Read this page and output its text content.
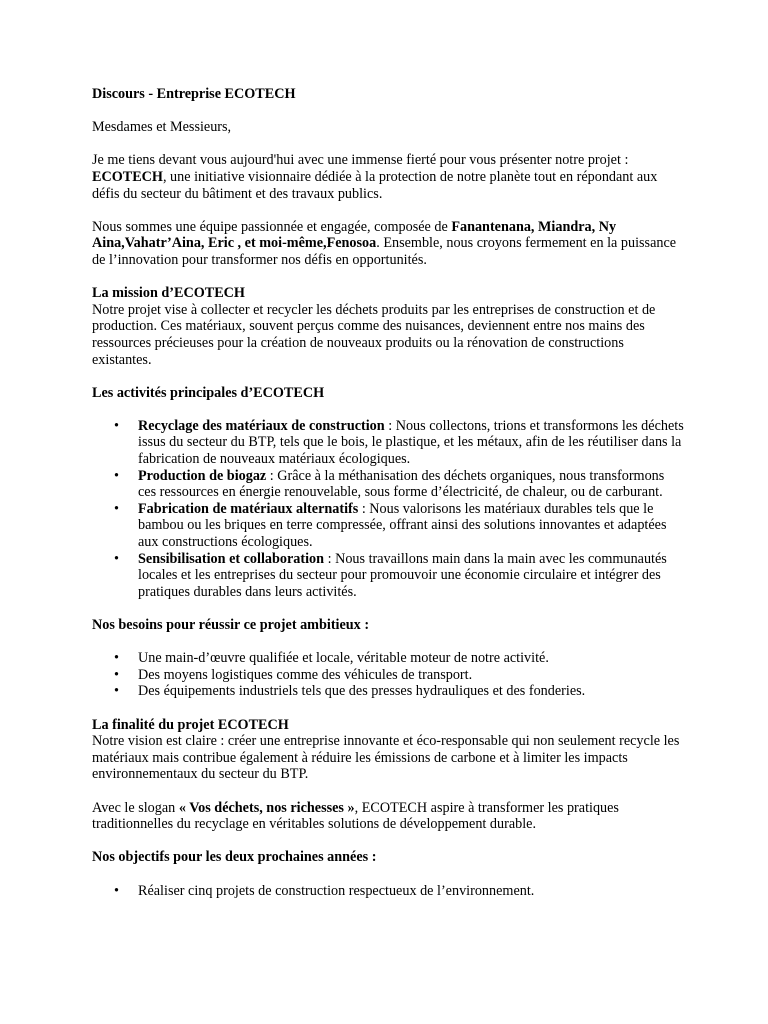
Discours - Entreprise ECOTECH

Mesdames et Messieurs,

Je me tiens devant vous aujourd'hui avec une immense fierté pour vous présenter notre projet : ECOTECH, une initiative visionnaire dédiée à la protection de notre planète tout en répondant aux défis du secteur du bâtiment et des travaux publics.

Nous sommes une équipe passionnée et engagée, composée de Fanantenana, Miandra, Ny Aina,Vahatr’Aina, Eric , et moi-même,Fenosoa. Ensemble, nous croyons fermement en la puissance de l’innovation pour transformer nos défis en opportunités.

La mission d’ECOTECH

Notre projet vise à collecter et recycler les déchets produits par les entreprises de construction et de production. Ces matériaux, souvent perçus comme des nuisances, deviennent entre nos mains des ressources précieuses pour la création de nouveaux produits ou la rénovation de constructions existantes.

Les activités principales d’ECOTECH

• Recyclage des matériaux de construction : Nous collectons, trions et transformons les déchets issus du secteur du BTP, tels que le bois, le plastique, et les métaux, afin de les réutiliser dans la fabrication de nouveaux matériaux écologiques.
• Production de biogaz : Grâce à la méthanisation des déchets organiques, nous transformons ces ressources en énergie renouvelable, sous forme d’électricité, de chaleur, ou de carburant.
• Fabrication de matériaux alternatifs : Nous valorisons les matériaux durables tels que le bambou ou les briques en terre compressée, offrant ainsi des solutions innovantes et adaptées aux constructions écologiques.
• Sensibilisation et collaboration : Nous travaillons main dans la main avec les communautés locales et les entreprises du secteur pour promouvoir une économie circulaire et intégrer des pratiques durables dans leurs activités.

Nos besoins pour réussir ce projet ambitieux :

• Une main-d’œuvre qualifiée et locale, véritable moteur de notre activité.
• Des moyens logistiques comme des véhicules de transport.
• Des équipements industriels tels que des presses hydrauliques et des fonderies.

La finalité du projet ECOTECH

Notre vision est claire : créer une entreprise innovante et éco-responsable qui non seulement recycle les matériaux mais contribue également à réduire les émissions de carbone et à limiter les impacts environnementaux du secteur du BTP.

Avec le slogan « Vos déchets, nos richesses », ECOTECH aspire à transformer les pratiques traditionnelles du recyclage en véritables solutions de développement durable.

Nos objectifs pour les deux prochaines années :

• Réaliser cinq projets de construction respectueux de l’environnement.
